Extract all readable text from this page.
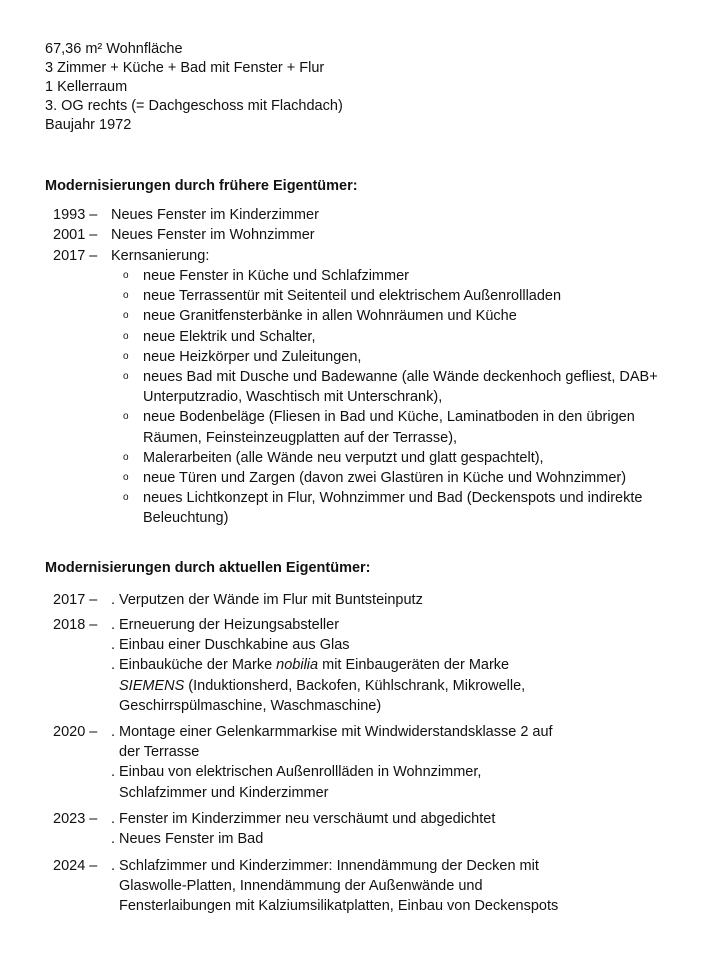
67,36 m² Wohnfläche
3 Zimmer + Küche + Bad mit Fenster + Flur
1 Kellerraum
3. OG rechts (= Dachgeschoss mit Flachdach)
Baujahr 1972
Modernisierungen durch frühere Eigentümer:
1993 – Neues Fenster im Kinderzimmer
2001 – Neues Fenster im Wohnzimmer
2017 – Kernsanierung:
o neue Fenster in Küche und Schlafzimmer
o neue Terrassentür mit Seitenteil und elektrischem Außenrollladen
o neue Granitfensterbänke in allen Wohnräumen und Küche
o neue Elektrik und Schalter,
o neue Heizkörper und Zuleitungen,
o neues Bad mit Dusche und Badewanne (alle Wände deckenhoch gefliest, DAB+ Unterputzradio, Waschtisch mit Unterschrank),
o neue Bodenbeläge (Fliesen in Bad und Küche, Laminatboden in den übrigen Räumen, Feinsteinzeugplatten auf der Terrasse),
o Malerarbeiten (alle Wände neu verputzt und glatt gespachtelt),
o neue Türen und Zargen (davon zwei Glastüren in Küche und Wohnzimmer)
o neues Lichtkonzept in Flur, Wohnzimmer und Bad (Deckenspots und indirekte Beleuchtung)
Modernisierungen durch aktuellen Eigentümer:
2017 – . Verputzen der Wände im Flur mit Buntsteinputz
2018 – . Erneuerung der Heizungsabsteller
. Einbau einer Duschkabine aus Glas
. Einbauküche der Marke nobilia mit Einbaugeräten der Marke
SIEMENS (Induktionsherd, Backofen, Kühlschrank, Mikrowelle,
Geschirrspülmaschine, Waschmaschine)
2020 – . Montage einer Gelenkarmmarkise mit Windwiderstandsklasse 2 auf
der Terrasse
. Einbau von elektrischen Außenrollläden in Wohnzimmer,
Schlafzimmer und Kinderzimmer
2023 – . Fenster im Kinderzimmer neu verschäumt und abgedichtet
. Neues Fenster im Bad
2024 – . Schlafzimmer und Kinderzimmer: Innendämmung der Decken mit
Glaswolle-Platten, Innendämmung der Außenwände und
Fensterlaibungen mit Kalziumsilikatplatten, Einbau von Deckenspots
